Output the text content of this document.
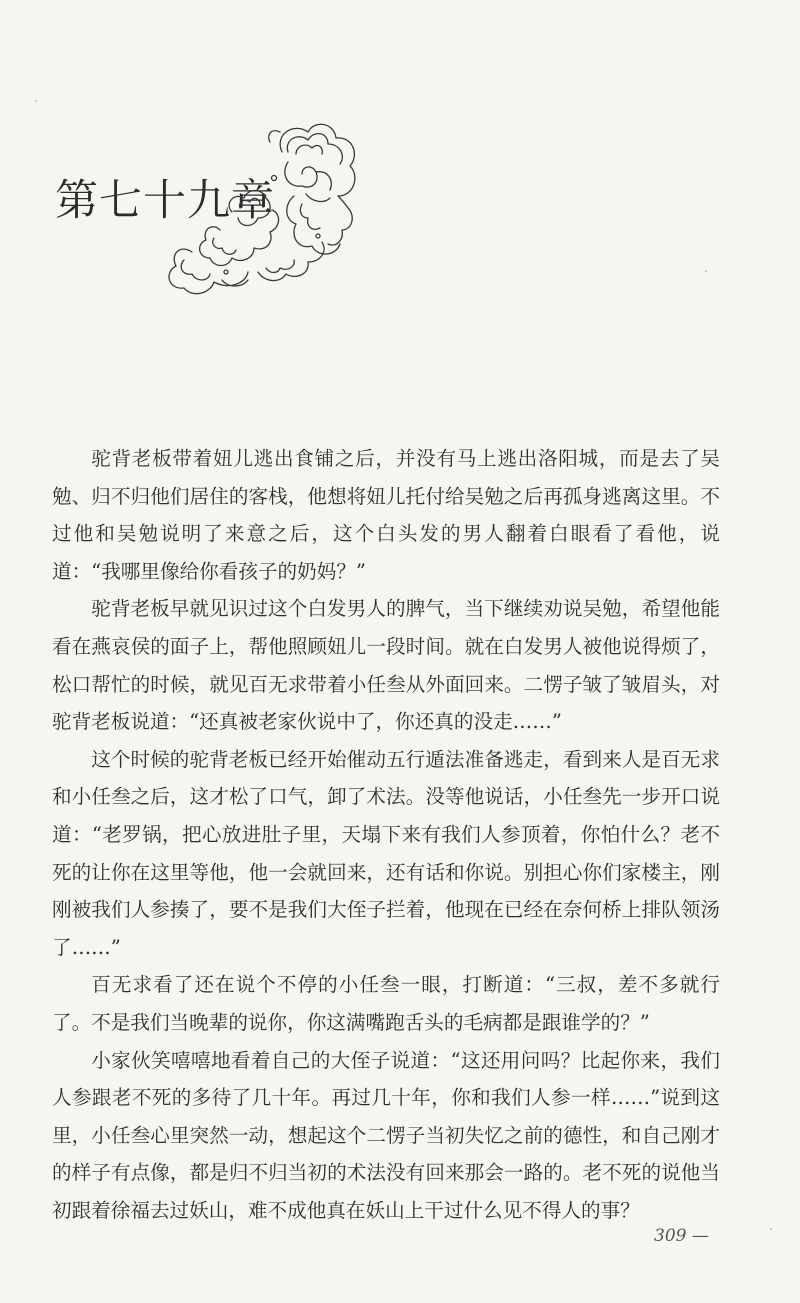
第七十九章

驼背老板带着妞儿逃出食铺之后，并没有马上逃出洛阳城，而是去了吴勉、归不归他们居住的客栈，他想将妞儿托付给吴勉之后再孤身逃离这里。不过他和吴勉说明了来意之后，这个白头发的男人翻着白眼看了看他，说道：“我哪里像给你看孩子的奶妈？”

驼背老板早就见识过这个白发男人的脾气，当下继续劝说吴勉，希望他能看在燕哀侯的面子上，帮他照顾妞儿一段时间。就在白发男人被他说得烦了，松口帮忙的时候，就见百无求带着小任叁从外面回来。二愣子皱了皱眉头，对驼背老板说道：“还真被老家伙说中了，你还真的没走……”

这个时候的驼背老板已经开始催动五行遁法准备逃走，看到来人是百无求和小任叁之后，这才松了口气，卸了术法。没等他说话，小任叁先一步开口说道：“老罗锅，把心放进肚子里，天塌下来有我们人参顶着，你怕什么？老不死的让你在这里等他，他一会就回来，还有话和你说。别担心你们家楼主，刚刚被我们人参揍了，要不是我们大侄子拦着，他现在已经在奈何桥上排队领汤了……”

百无求看了还在说个不停的小任叁一眼，打断道：“三叔，差不多就行了。不是我们当晚辈的说你，你这满嘴跑舌头的毛病都是跟谁学的？”

小家伙笑嘻嘻地看着自己的大侄子说道：“这还用问吗？比起你来，我们人参跟老不死的多待了几十年。再过几十年，你和我们人参一样……”说到这里，小任叁心里突然一动，想起这个二愣子当初失忆之前的德性，和自己刚才的样子有点像，都是归不归当初的术法没有回来那会一路的。老不死的说他当初跟着徐福去过妖山，难不成他真在妖山上干过什么见不得人的事？

309 —
